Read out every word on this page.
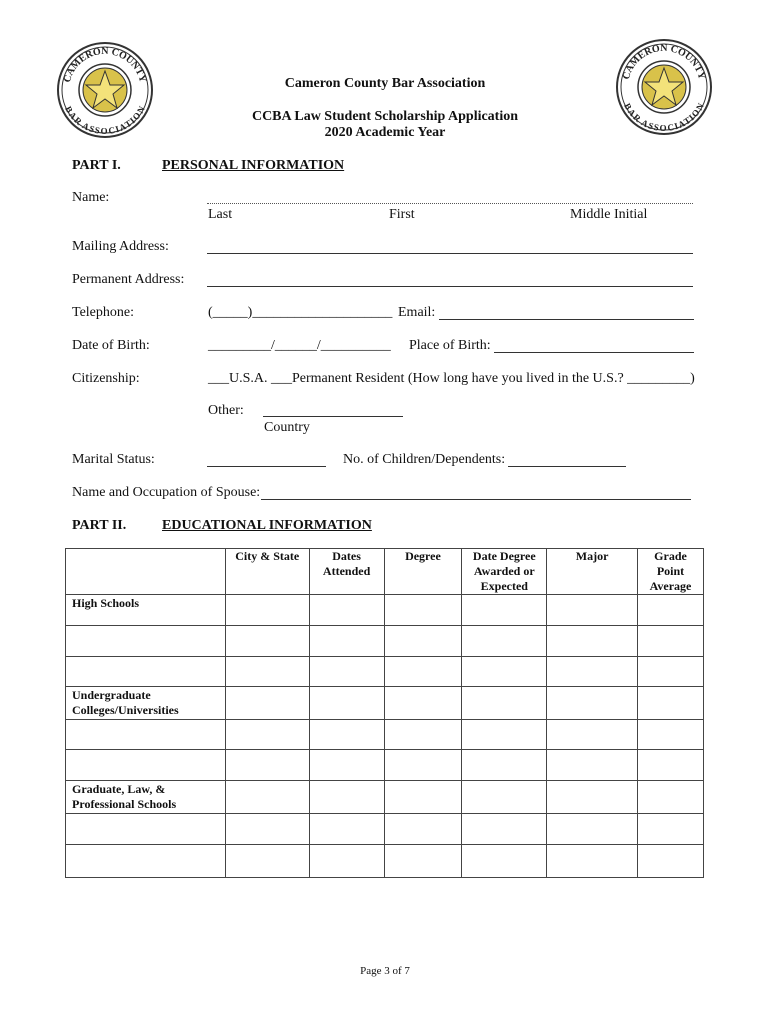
CAMERON COUNTY
BAR ASSOCIATION
CAMERON COUNTY
BAR ASSOCIATION
Cameron County Bar Association
CCBA Law Student Scholarship Application
2020 Academic Year
PART I.	PERSONAL INFORMATION
Name:
Last	First	Middle Initial
Mailing Address:
Permanent Address:
Telephone:	(_____)____________________ Email:
Date of Birth:	_________/______/__________ Place of Birth:
Citizenship:	___U.S.A. ___Permanent Resident (How long have you lived in the U.S.? _________)
Other:
Country
Marital Status:	No. of Children/Dependents:
Name and Occupation of Spouse:
PART II.	EDUCATIONAL INFORMATION
	City & State	Dates Attended	Degree	Date Degree Awarded or Expected	Major	Grade Point Average
High Schools						

Undergraduate Colleges/Universities						

Graduate, Law, & Professional Schools						

Page 3 of 7
